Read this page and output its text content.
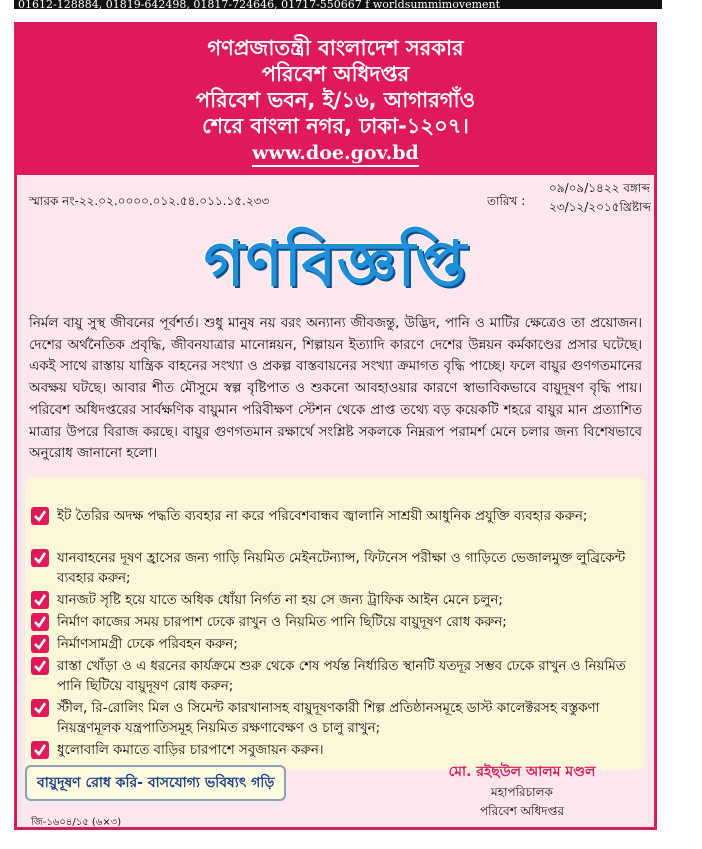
01612-128884, 01819-642498, 01817-724646, 01717-550667 f worldsummimovement
গণপ্রজাতন্ত্রী বাংলাদেশ সরকার
পরিবেশ অধিদপ্তর
পরিবেশ ভবন, ই/১৬, আগারগাঁও
শেরে বাংলা নগর, ঢাকা-১২০৭।
www.doe.gov.bd
স্মারক নং-২২.০২.০০০০.০১২.৫৪.০১১.১৫.২৩৩	তারিখ :
০৯/০৯/১৪২২ বঙ্গাব্দ
২৩/১২/২০১৫খ্রিষ্টাব্দ
গণবিজ্ঞপ্তি
নির্মল বায়ু সুস্থ জীবনের পূর্বশর্ত। শুধু মানুষ নয় বরং অন্যান্য জীবজন্তু, উদ্ভিদ, পানি ও মাটির ক্ষেত্রেও তা প্রয়োজন। দেশের অর্থনৈতিক প্রবৃদ্ধি, জীবনযাত্রার মানোন্নয়ন, শিল্পায়ন ইত্যাদি কারণে দেশের উন্নয়ন কর্মকাণ্ডের প্রসার ঘটেছে। একই সাথে রাস্তায় যান্ত্রিক বাহনের সংখ্যা ও প্রকল্প বাস্তবায়নের সংখ্যা ক্রমাগত বৃদ্ধি পাচ্ছে। ফলে বায়ুর গুণগতমানের অবক্ষয় ঘটছে। আবার শীত মৌসুমে স্বল্প বৃষ্টিপাত ও শুকনো আবহাওয়ার কারণে স্বাভাবিকভাবে বায়ুদূষণ বৃদ্ধি পায়। পরিবেশ অধিদপ্তরের সার্বক্ষণিক বায়ুমান পরিবীক্ষণ স্টেশন থেকে প্রাপ্ত তথ্যে বড় কয়েকটি শহরে বায়ুর মান প্রত্যাশিত মাত্রার উপরে বিরাজ করছে। বায়ুর গুণগতমান রক্ষার্থে সংশ্লিষ্ট সকলকে নিম্নরূপ পরামর্শ মেনে চলার জন্য বিশেষভাবে অনুরোধ জানানো হলো।
ইট তৈরির অদক্ষ পদ্ধতি ব্যবহার না করে পরিবেশবান্ধব জ্বালানি সাশ্রয়ী আধুনিক প্রযুক্তি ব্যবহার করুন;
যানবাহনের দূষণ হ্রাসের জন্য গাড়ি নিয়মিত মেইনটেন্যান্স, ফিটনেস পরীক্ষা ও গাড়িতে ভেজালমুক্ত লুব্রিকেন্ট ব্যবহার করুন;
যানজট সৃষ্টি হয়ে যাতে অধিক ধোঁয়া নির্গত না হয় সে জন্য ট্রাফিক আইন মেনে চলুন;
নির্মাণ কাজের সময় চারপাশ ঢেকে রাখুন ও নিয়মিত পানি ছিটিয়ে বায়ুদূষণ রোধ করুন;
নির্মাণসামগ্রী ঢেকে পরিবহন করুন;
রাস্তা খোঁড়া ও এ ধরনের কার্যক্রমে শুরু থেকে শেষ পর্যন্ত নির্ধারিত স্থানটি যতদূর সম্ভব ঢেকে রাখুন ও নিয়মিত পানি ছিটিয়ে বায়ুদূষণ রোধ করুন;
স্টীল, রি-রোলিং মিল ও সিমেন্ট কারখানাসহ বায়ুদূষণকারী শিল্প প্রতিষ্ঠানসমূহে ডাস্ট কালেক্টরসহ বস্তুকণা নিয়ন্ত্রণমূলক যন্ত্রপাতিসমূহ নিয়মিত রক্ষণাবেক্ষণ ও চালু রাখুন;
ধুলোবালি কমাতে বাড়ির চারপাশে সবুজায়ন করুন।
বায়ুদূষণ রোধ করি- বাসযোগ্য ভবিষ্যৎ গড়ি
মো. রইছউল আলম মণ্ডল
মহাপরিচালক
পরিবেশ অধিদপ্তর
জি-১৬০৪/১৫ (৬×৩)
